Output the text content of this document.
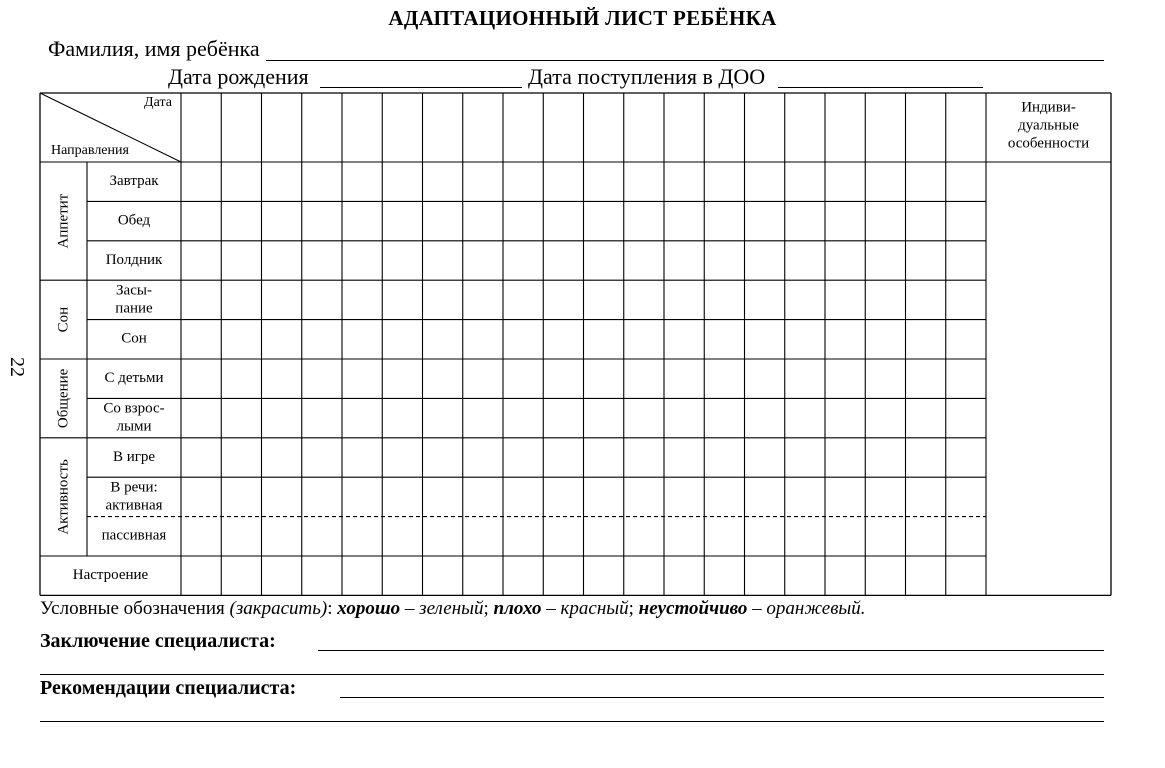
АДАПТАЦИОННЫЙ ЛИСТ РЕБЁНКА
Фамилия, имя ребёнка
Дата рождения	Дата поступления в ДОО
22
Дата
Направления
Индиви-
дуальные
особенности
Аппетит
Сон
Общение
Активность
Завтрак
Обед
Полдник
Засы-
пание
Сон
С детьми
Со взрос-
лыми
В игре
В речи:
активная
пассивная
Настроение
Условные обозначения (закрасить): хорошо – зеленый; плохо – красный; неустойчиво – оранжевый.
Заключение специалиста:
Рекомендации специалиста:
